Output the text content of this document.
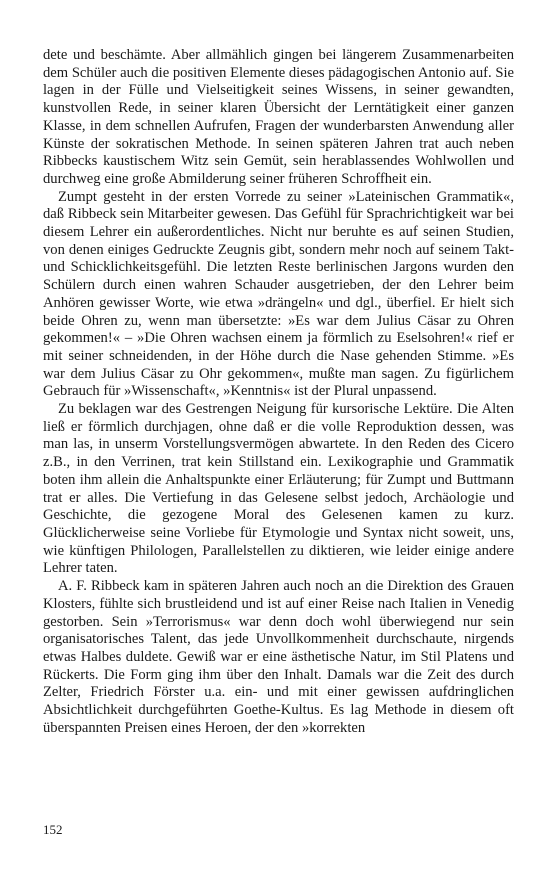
dete und beschämte. Aber allmählich gingen bei längerem Zusammenarbeiten dem Schüler auch die positiven Elemente dieses pädagogischen Antonio auf. Sie lagen in der Fülle und Vielseitigkeit seines Wissens, in seiner gewandten, kunstvollen Rede, in seiner klaren Übersicht der Lerntätigkeit einer ganzen Klasse, in dem schnellen Aufrufen, Fragen der wunderbarsten Anwendung aller Künste der sokratischen Methode. In seinen späteren Jahren trat auch neben Ribbecks kaustischem Witz sein Gemüt, sein herablassendes Wohlwollen und durchweg eine große Abmilderung seiner früheren Schroffheit ein.

Zumpt gesteht in der ersten Vorrede zu seiner »Lateinischen Grammatik«, daß Ribbeck sein Mitarbeiter gewesen. Das Gefühl für Sprachrichtigkeit war bei diesem Lehrer ein außerordentliches. Nicht nur beruhte es auf seinen Studien, von denen einiges Gedruckte Zeugnis gibt, sondern mehr noch auf seinem Takt-und Schicklichkeitsgefühl. Die letzten Reste berlinischen Jargons wurden den Schülern durch einen wahren Schauder ausgetrieben, der den Lehrer beim Anhören gewisser Worte, wie etwa »drängeln« und dgl., überfiel. Er hielt sich beide Ohren zu, wenn man übersetzte: »Es war dem Julius Cäsar zu Ohren gekommen!« – »Die Ohren wachsen einem ja förmlich zu Eselsohren!« rief er mit seiner schneidenden, in der Höhe durch die Nase gehenden Stimme. »Es war dem Julius Cäsar zu Ohr gekommen«, mußte man sagen. Zu figürlichem Gebrauch für »Wissenschaft«, »Kenntnis« ist der Plural unpassend.

Zu beklagen war des Gestrengen Neigung für kursorische Lektüre. Die Alten ließ er förmlich durchjagen, ohne daß er die volle Reproduktion dessen, was man las, in unserm Vorstellungsvermögen abwartete. In den Reden des Cicero z.B., in den Verrinen, trat kein Stillstand ein. Lexikographie und Grammatik boten ihm allein die Anhaltspunkte einer Erläuterung; für Zumpt und Buttmann trat er alles. Die Vertiefung in das Gelesene selbst jedoch, Archäologie und Geschichte, die gezogene Moral des Gelesenen kamen zu kurz. Glücklicherweise seine Vorliebe für Etymologie und Syntax nicht soweit, uns, wie künftigen Philologen, Parallelstellen zu diktieren, wie leider einige andere Lehrer taten.

A. F. Ribbeck kam in späteren Jahren auch noch an die Direktion des Grauen Klosters, fühlte sich brustleidend und ist auf einer Reise nach Italien in Venedig gestorben. Sein »Terrorismus« war denn doch wohl überwiegend nur sein organisatorisches Talent, das jede Unvollkommenheit durchschaute, nirgends etwas Halbes duldete. Gewiß war er eine ästhetische Natur, im Stil Platens und Rückerts. Die Form ging ihm über den Inhalt. Damals war die Zeit des durch Zelter, Friedrich Förster u.a. ein- und mit einer gewissen aufdringlichen Absichtlichkeit durchgeführten Goethe-Kultus. Es lag Methode in diesem oft überspannten Preisen eines Heroen, der den »korrekten

152
